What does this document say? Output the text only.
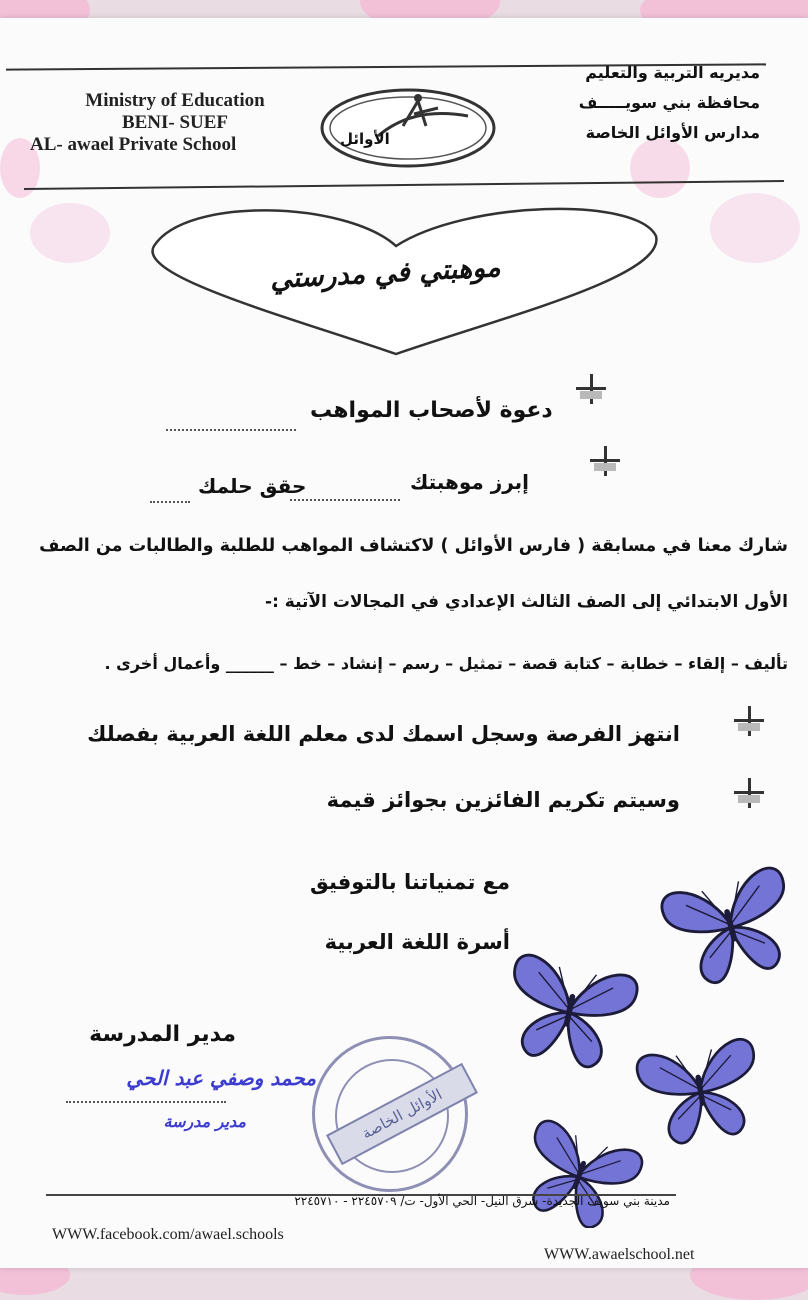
Ministry of Education
BENI- SUEF
AL- awael Private School	الأوائل
مديريه التربية والتعليم
محافظة بني سويـــــف
مدارس الأوائل الخاصة
موهبتي في مدرستي
دعوة لأصحاب المواهب
إبرز موهبتك
حقق حلمك
شارك معنا في مسابقة ( فارس الأوائل ) لاكتشاف المواهب للطلبة والطالبات من الصف
الأول الابتدائي إلى الصف الثالث الإعدادي في المجالات الآتية :-
تأليف – إلقاء – خطابة – كتابة قصة – تمثيل – رسم – إنشاد – خط – ______ وأعمال أخرى .
انتهز الفرصة وسجل اسمك لدى معلم اللغة العربية بفصلك
وسيتم تكريم الفائزين بجوائز قيمة
مع تمنياتنا بالتوفيق
أسرة اللغة العربية
مدير المدرسة
محمد وصفي عبد الحي
مدير مدرسة	الأوائل الخاصة
مدينة بني سويف الجديدة- شرق النيل- الحي الأول- ت/ ٢٢٤٥٧٠٩ - ٢٢٤٥٧١٠
WWW.facebook.com/awael.schools
WWW.awaelschool.net
